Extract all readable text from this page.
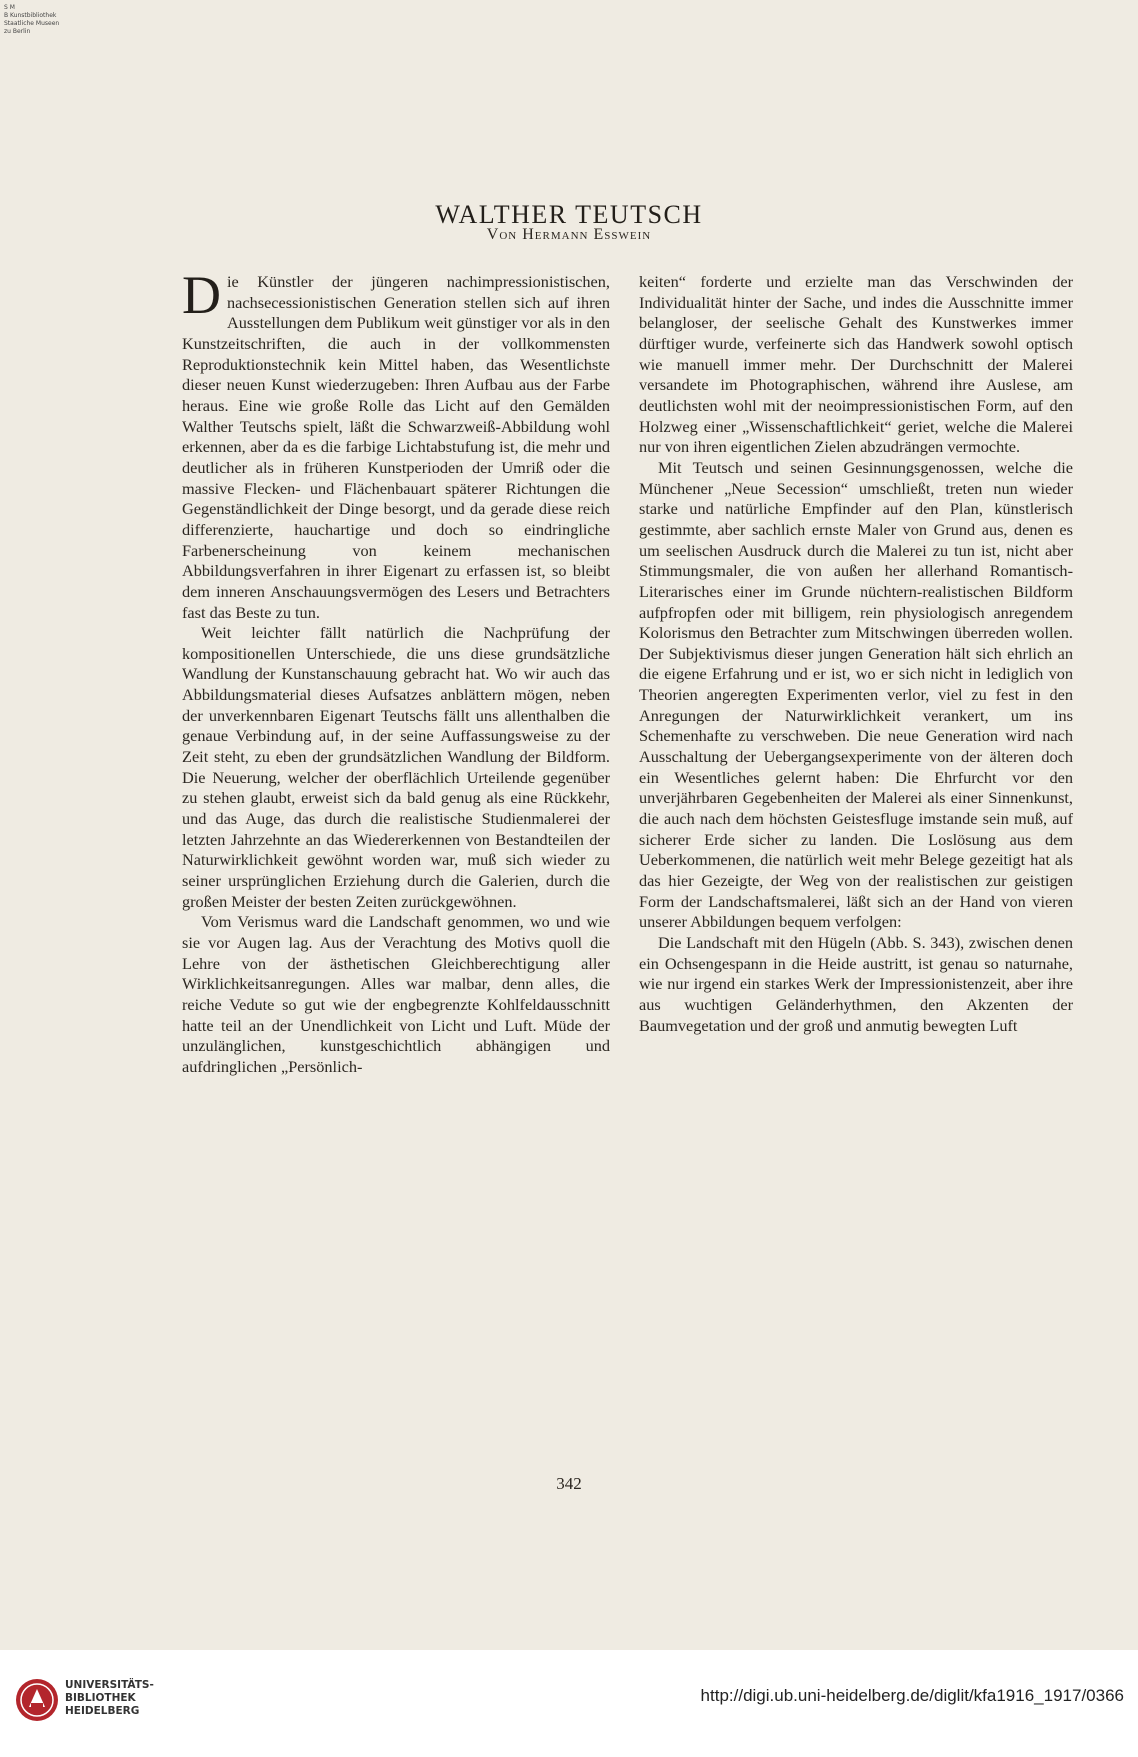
S M
B Kunstbibliothek
Staatliche Museen
zu Berlin
WALTHER TEUTSCH
Von Hermann Esswein

Die Künstler der jüngeren nachimpressionistischen, nachsecessionistischen Generation stellen sich auf ihren Ausstellungen dem Publikum weit günstiger vor als in den Kunstzeitschriften, die auch in der vollkommensten Reproduktionstechnik kein Mittel haben, das Wesentlichste dieser neuen Kunst wiederzugeben: Ihren Aufbau aus der Farbe heraus. Eine wie große Rolle das Licht auf den Gemälden Walther Teutschs spielt, läßt die Schwarzweiß-Abbildung wohl erkennen, aber da es die farbige Lichtabstufung ist, die mehr und deutlicher als in früheren Kunstperioden der Umriß oder die massive Flecken- und Flächenbauart späterer Richtungen die Gegenständlichkeit der Dinge besorgt, und da gerade diese reich differenzierte, hauchartige und doch so eindringliche Farbenerscheinung von keinem mechanischen Abbildungsverfahren in ihrer Eigenart zu erfassen ist, so bleibt dem inneren Anschauungsvermögen des Lesers und Betrachters fast das Beste zu tun.

Weit leichter fällt natürlich die Nachprüfung der kompositionellen Unterschiede, die uns diese grundsätzliche Wandlung der Kunstanschauung gebracht hat. Wo wir auch das Abbildungsmaterial dieses Aufsatzes anblättern mögen, neben der unverkennbaren Eigenart Teutschs fällt uns allenthalben die genaue Verbindung auf, in der seine Auffassungsweise zu der Zeit steht, zu eben der grundsätzlichen Wandlung der Bildform. Die Neuerung, welcher der oberflächlich Urteilende gegenüber zu stehen glaubt, erweist sich da bald genug als eine Rückkehr, und das Auge, das durch die realistische Studienmalerei der letzten Jahrzehnte an das Wiedererkennen von Bestandteilen der Naturwirklichkeit gewöhnt worden war, muß sich wieder zu seiner ursprünglichen Erziehung durch die Galerien, durch die großen Meister der besten Zeiten zurückgewöhnen.

Vom Verismus ward die Landschaft genommen, wo und wie sie vor Augen lag. Aus der Verachtung des Motivs quoll die Lehre von der ästhetischen Gleichberechtigung aller Wirklichkeitsanregungen. Alles war malbar, denn alles, die reiche Vedute so gut wie der engbegrenzte Kohlfeldausschnitt hatte teil an der Unendlichkeit von Licht und Luft. Müde der unzulänglichen, kunstgeschichtlich abhängigen und aufdringlichen „Persönlich-

keiten“ forderte und erzielte man das Verschwinden der Individualität hinter der Sache, und indes die Ausschnitte immer belangloser, der seelische Gehalt des Kunstwerkes immer dürftiger wurde, verfeinerte sich das Handwerk sowohl optisch wie manuell immer mehr. Der Durchschnitt der Malerei versandete im Photographischen, während ihre Auslese, am deutlichsten wohl mit der neoimpressionistischen Form, auf den Holzweg einer „Wissenschaftlichkeit“ geriet, welche die Malerei nur von ihren eigentlichen Zielen abzudrängen vermochte.

Mit Teutsch und seinen Gesinnungsgenossen, welche die Münchener „Neue Secession“ umschließt, treten nun wieder starke und natürliche Empfinder auf den Plan, künstlerisch gestimmte, aber sachlich ernste Maler von Grund aus, denen es um seelischen Ausdruck durch die Malerei zu tun ist, nicht aber Stimmungsmaler, die von außen her allerhand Romantisch-Literarisches einer im Grunde nüchtern-realistischen Bildform aufpfropfen oder mit billigem, rein physiologisch anregendem Kolorismus den Betrachter zum Mitschwingen überreden wollen. Der Subjektivismus dieser jungen Generation hält sich ehrlich an die eigene Erfahrung und er ist, wo er sich nicht in lediglich von Theorien angeregten Experimenten verlor, viel zu fest in den Anregungen der Naturwirklichkeit verankert, um ins Schemenhafte zu verschweben. Die neue Generation wird nach Ausschaltung der Uebergangsexperimente von der älteren doch ein Wesentliches gelernt haben: Die Ehrfurcht vor den unverjährbaren Gegebenheiten der Malerei als einer Sinnenkunst, die auch nach dem höchsten Geistesfluge imstande sein muß, auf sicherer Erde sicher zu landen. Die Loslösung aus dem Ueberkommenen, die natürlich weit mehr Belege gezeitigt hat als das hier Gezeigte, der Weg von der realistischen zur geistigen Form der Landschaftsmalerei, läßt sich an der Hand von vieren unserer Abbildungen bequem verfolgen:

Die Landschaft mit den Hügeln (Abb. S. 343), zwischen denen ein Ochsengespann in die Heide austritt, ist genau so naturnahe, wie nur irgend ein starkes Werk der Impressionistenzeit, aber ihre aus wuchtigen Geländerhythmen, den Akzenten der Baumvegetation und der groß und anmutig bewegten Luft

342
UNIVERSITÄTS-
BIBLIOTHEK
HEIDELBERG
http://digi.ub.uni-heidelberg.de/diglit/kfa1916_1917/0366
